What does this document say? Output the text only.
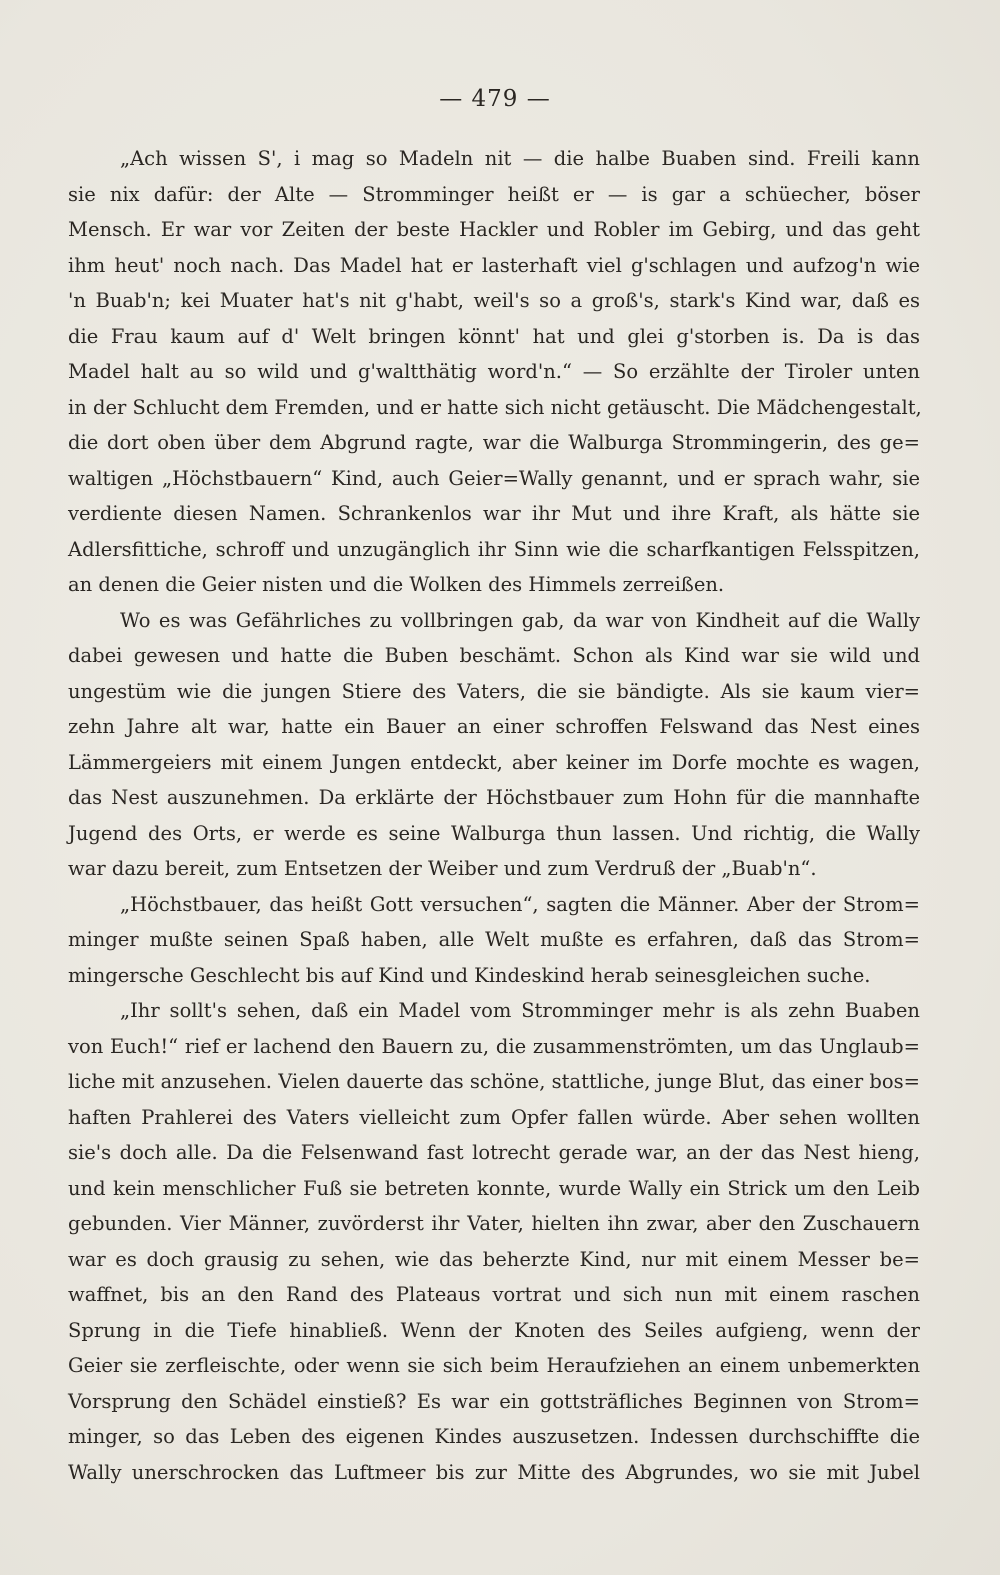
— 479 —
„Ach wissen S', i mag so Madeln nit — die halbe Buaben sind. Freili kann
sie nix dafür: der Alte — Stromminger heißt er — is gar a schüecher, böser
Mensch. Er war vor Zeiten der beste Hackler und Robler im Gebirg, und das geht
ihm heut' noch nach. Das Madel hat er lasterhaft viel g'schlagen und aufzog'n wie
'n Buab'n; kei Muater hat's nit g'habt, weil's so a groß's, stark's Kind war, daß es
die Frau kaum auf d' Welt bringen könnt' hat und glei g'storben is. Da is das
Madel halt au so wild und g'waltthätig word'n.“ — So erzählte der Tiroler unten
in der Schlucht dem Fremden, und er hatte sich nicht getäuscht. Die Mädchengestalt,
die dort oben über dem Abgrund ragte, war die Walburga Strommingerin, des ge=
waltigen „Höchstbauern“ Kind, auch Geier=Wally genannt, und er sprach wahr, sie
verdiente diesen Namen. Schrankenlos war ihr Mut und ihre Kraft, als hätte sie
Adlersfittiche, schroff und unzugänglich ihr Sinn wie die scharfkantigen Felsspitzen,
an denen die Geier nisten und die Wolken des Himmels zerreißen.
Wo es was Gefährliches zu vollbringen gab, da war von Kindheit auf die Wally
dabei gewesen und hatte die Buben beschämt. Schon als Kind war sie wild und
ungestüm wie die jungen Stiere des Vaters, die sie bändigte. Als sie kaum vier=
zehn Jahre alt war, hatte ein Bauer an einer schroffen Felswand das Nest eines
Lämmergeiers mit einem Jungen entdeckt, aber keiner im Dorfe mochte es wagen,
das Nest auszunehmen. Da erklärte der Höchstbauer zum Hohn für die mannhafte
Jugend des Orts, er werde es seine Walburga thun lassen. Und richtig, die Wally
war dazu bereit, zum Entsetzen der Weiber und zum Verdruß der „Buab'n“.
„Höchstbauer, das heißt Gott versuchen“, sagten die Männer. Aber der Strom=
minger mußte seinen Spaß haben, alle Welt mußte es erfahren, daß das Strom=
mingersche Geschlecht bis auf Kind und Kindeskind herab seinesgleichen suche.
„Ihr sollt's sehen, daß ein Madel vom Stromminger mehr is als zehn Buaben
von Euch!“ rief er lachend den Bauern zu, die zusammenströmten, um das Unglaub=
liche mit anzusehen. Vielen dauerte das schöne, stattliche, junge Blut, das einer bos=
haften Prahlerei des Vaters vielleicht zum Opfer fallen würde. Aber sehen wollten
sie's doch alle. Da die Felsenwand fast lotrecht gerade war, an der das Nest hieng,
und kein menschlicher Fuß sie betreten konnte, wurde Wally ein Strick um den Leib
gebunden. Vier Männer, zuvörderst ihr Vater, hielten ihn zwar, aber den Zuschauern
war es doch grausig zu sehen, wie das beherzte Kind, nur mit einem Messer be=
waffnet, bis an den Rand des Plateaus vortrat und sich nun mit einem raschen
Sprung in die Tiefe hinabließ. Wenn der Knoten des Seiles aufgieng, wenn der
Geier sie zerfleischte, oder wenn sie sich beim Heraufziehen an einem unbemerkten
Vorsprung den Schädel einstieß? Es war ein gottsträfliches Beginnen von Strom=
minger, so das Leben des eigenen Kindes auszusetzen. Indessen durchschiffte die
Wally unerschrocken das Luftmeer bis zur Mitte des Abgrundes, wo sie mit Jubel
